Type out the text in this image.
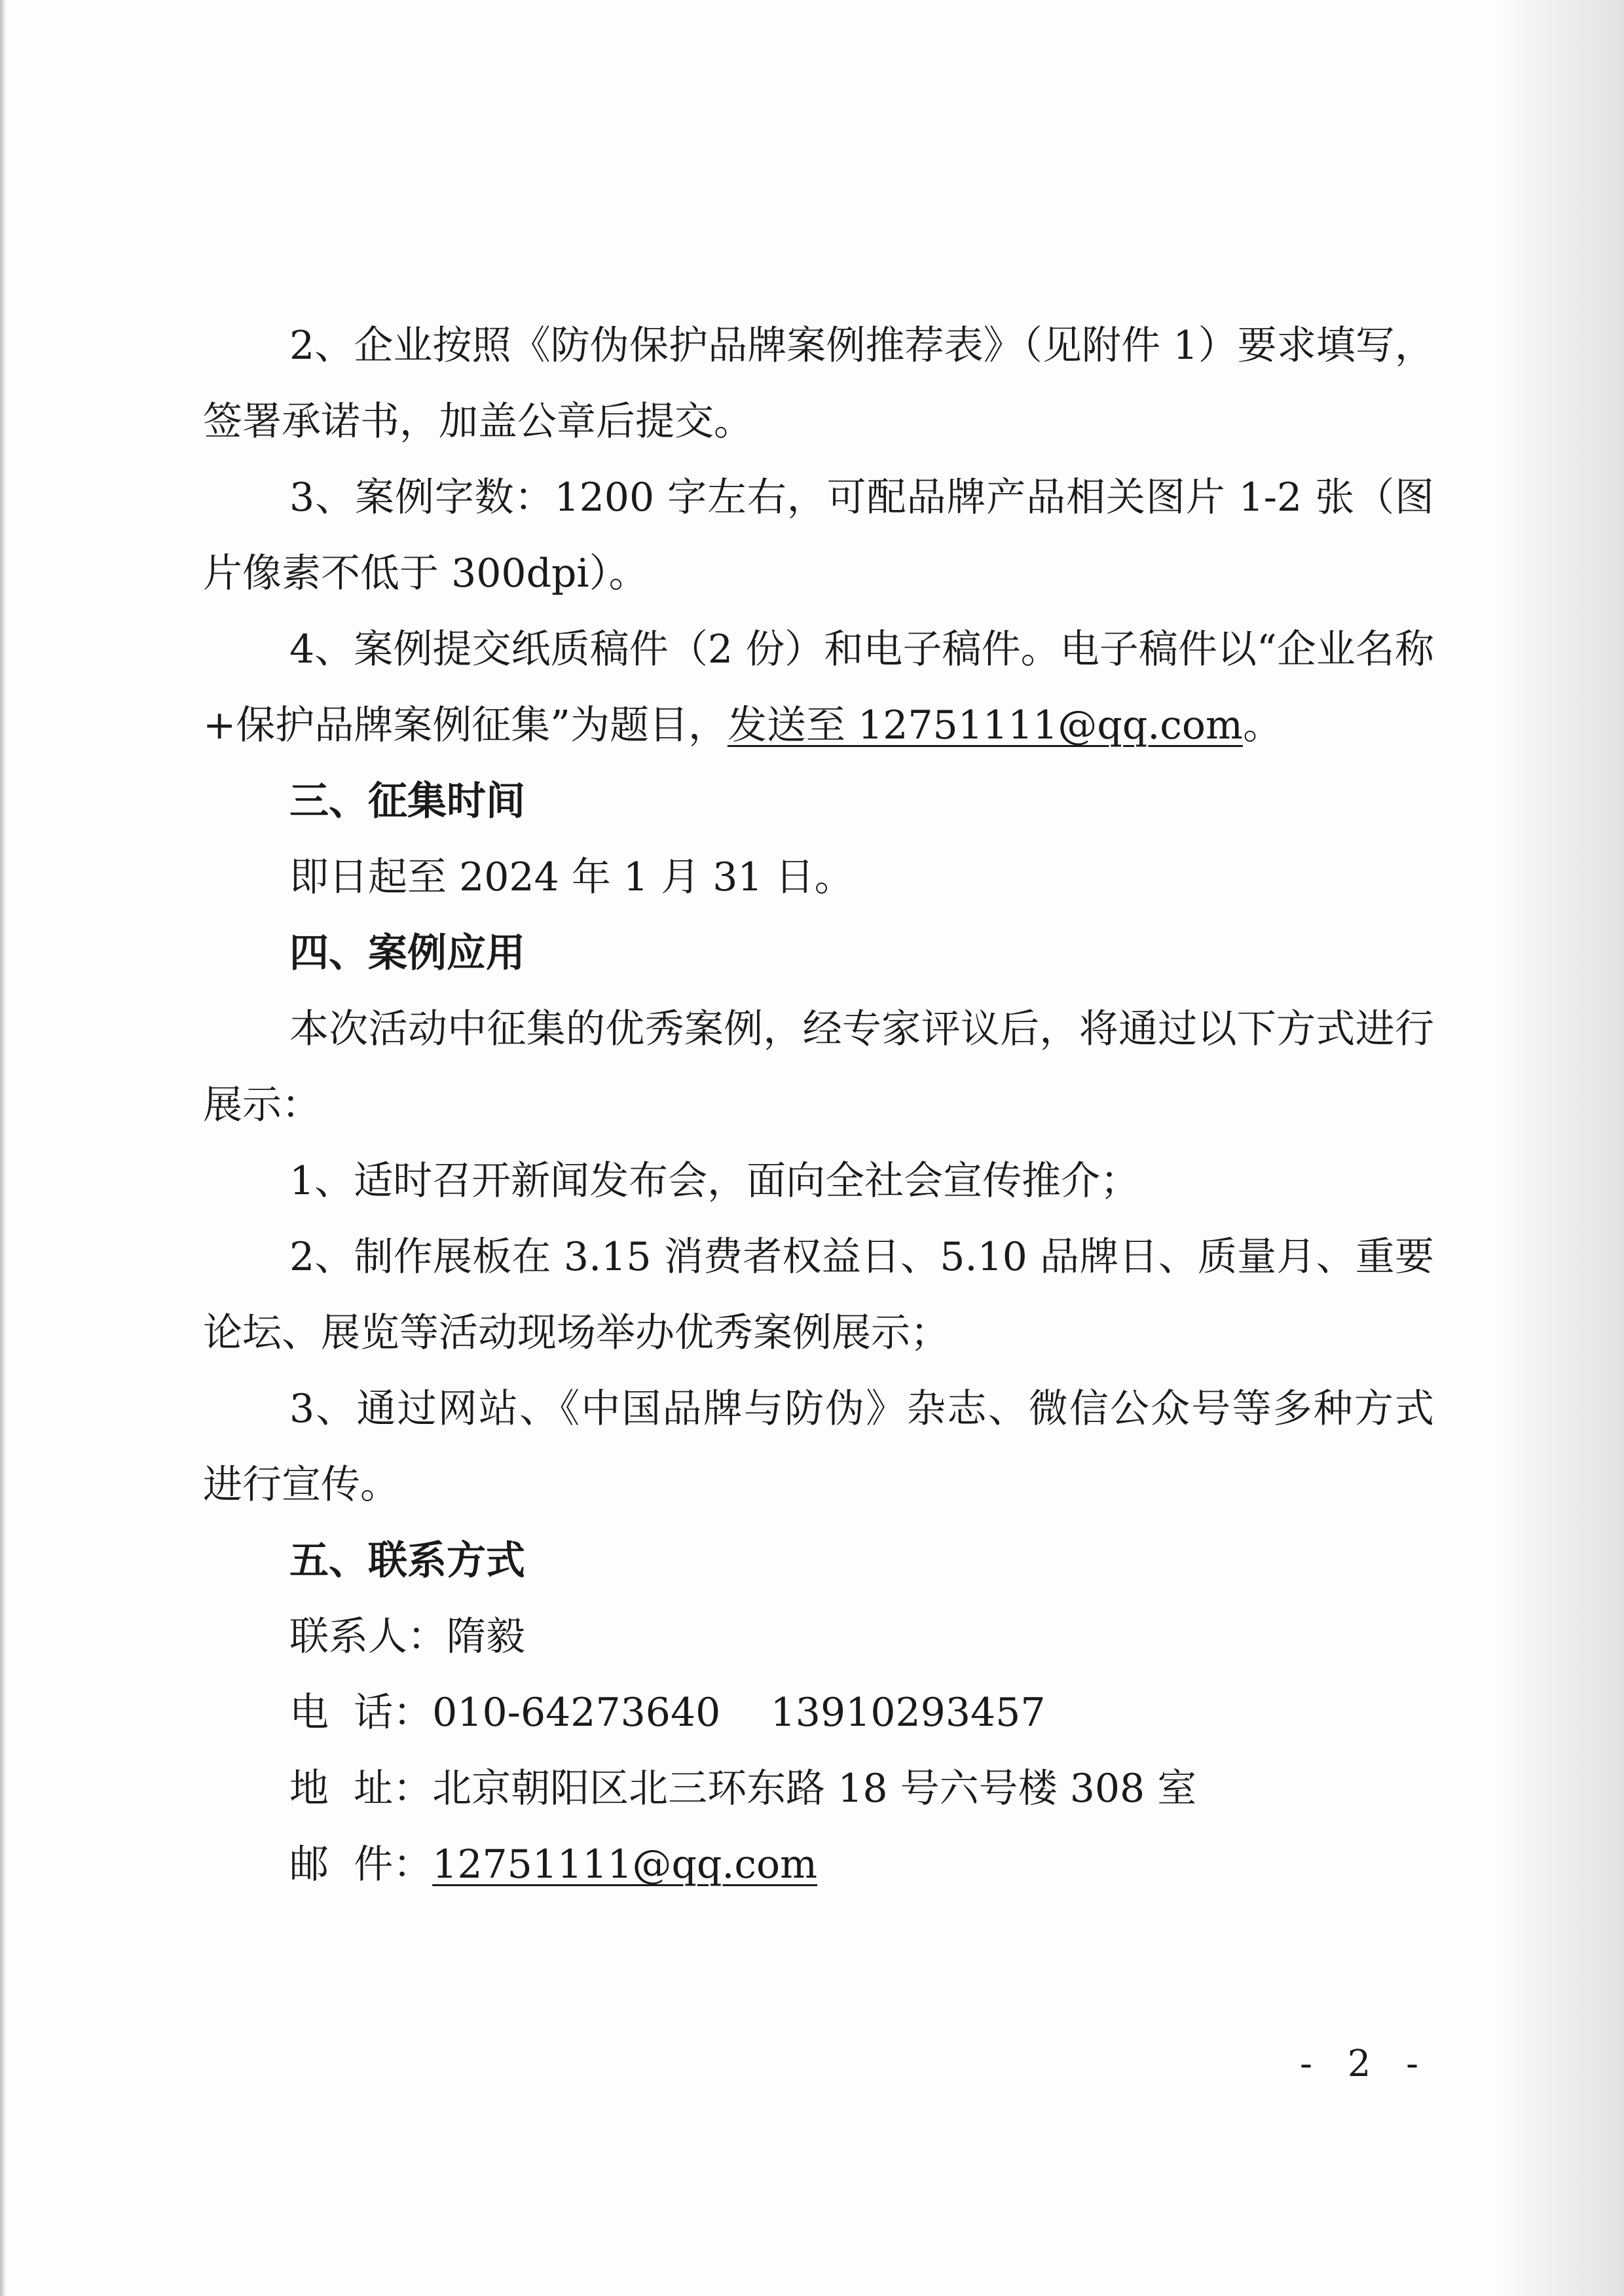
2、企业按照《防伪保护品牌案例推荐表》（见附件 1）要求填写，签署承诺书，加盖公章后提交。

3、案例字数：1200 字左右，可配品牌产品相关图片 1-2 张（图片像素不低于 300dpi）。

4、案例提交纸质稿件（2 份）和电子稿件。电子稿件以“企业名称+保护品牌案例征集”为题目，发送至 12751111@qq.com。

三、征集时间

即日起至 2024 年 1 月 31 日。

四、案例应用

本次活动中征集的优秀案例，经专家评议后，将通过以下方式进行展示：

1、适时召开新闻发布会，面向全社会宣传推介；

2、制作展板在 3.15 消费者权益日、5.10 品牌日、质量月、重要论坛、展览等活动现场举办优秀案例展示；

3、通过网站、《中国品牌与防伪》杂志、微信公众号等多种方式进行宣传。

五、联系方式

联系人：隋毅

电  话：010-64273640    13910293457

地  址：北京朝阳区北三环东路 18 号六号楼 308 室

邮  件：12751111@qq.com

- 2 -
